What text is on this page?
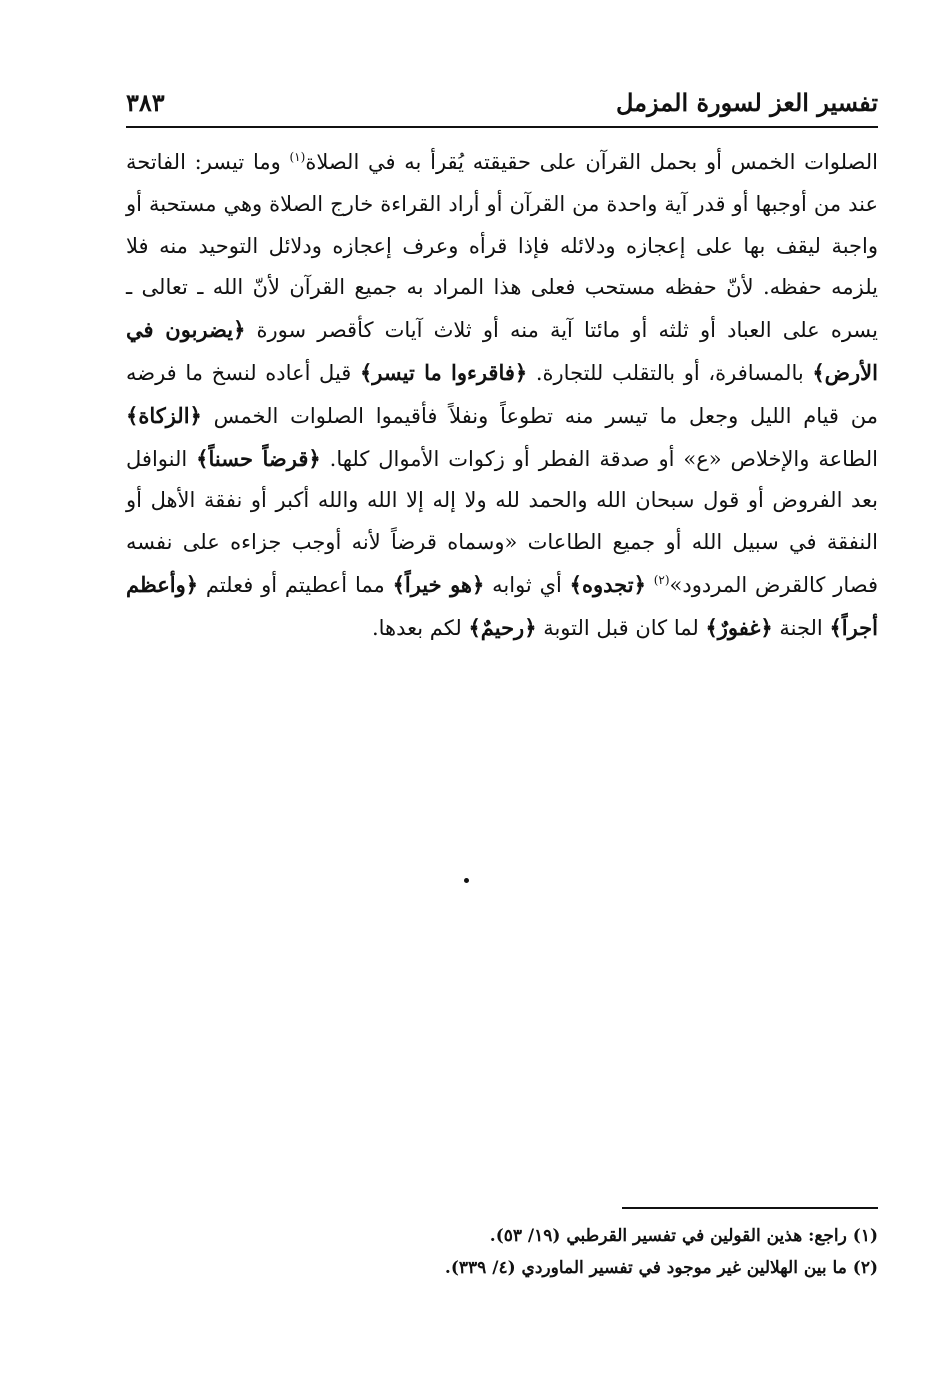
تفسير العز لسورة المزمل
٣٨٣

الصلوات الخمس أو بحمل القرآن على حقيقته يُقرأ به في الصلاة$^{(١)}$ وما تيسر: الفاتحة عند من أوجبها أو قدر آية واحدة من القرآن أو أراد القراءة خارج الصلاة وهي مستحبة أو واجبة ليقف بها على إعجازه ودلائله فإذا قرأه وعرف إعجازه ودلائل التوحيد منه فلا يلزمه حفظه. لأنّ حفظه مستحب فعلى هذا المراد به جميع القرآن لأنّ الله ـ تعالى ـ يسره على العباد أو ثلثه أو مائتا آية منه أو ثلاث آيات كأقصر سورة ﴿يضربون في الأرض﴾ بالمسافرة، أو بالتقلب للتجارة. ﴿فاقرءوا ما تيسر﴾ قيل أعاده لنسخ ما فرضه من قيام الليل وجعل ما تيسر منه تطوعاً ونفلاً فأقيموا الصلوات الخمس ﴿الزكاة﴾ الطاعة والإخلاص «ع» أو صدقة الفطر أو زكوات الأموال كلها. ﴿قرضاً حسناً﴾ النوافل بعد الفروض أو قول سبحان الله والحمد لله ولا إله إلا الله والله أكبر أو نفقة الأهل أو النفقة في سبيل الله أو جميع الطاعات «وسماه قرضاً لأنه أوجب جزاءه على نفسه فصار كالقرض المردود»$^{(٢)}$ ﴿تجدوه﴾ أي ثوابه ﴿هو خيراً﴾ مما أعطيتم أو فعلتم ﴿وأعظم أجراً﴾ الجنة ﴿غفورٌ﴾ لما كان قبل التوبة ﴿رحيمٌ﴾ لكم بعدها.

(١) راجع: هذين القولين في تفسير القرطبي (١٩/ ٥٣).

(٢) ما بين الهلالين غير موجود في تفسير الماوردي (٤/ ٣٣٩).
